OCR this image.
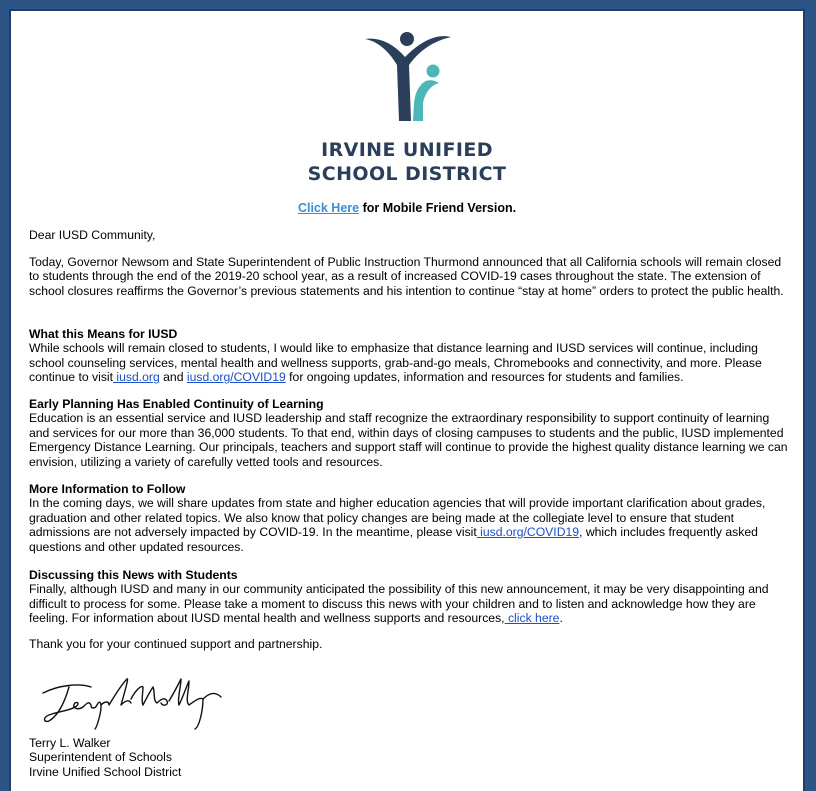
IRVINE UNIFIED
SCHOOL DISTRICT
Click Here for Mobile Friend Version.
Dear IUSD Community,
Today, Governor Newsom and State Superintendent of Public Instruction Thurmond announced that all California schools will remain closed to students through the end of the 2019-20 school year, as a result of increased COVID-19 cases throughout the state. The extension of school closures reaffirms the Governor’s previous statements and his intention to continue “stay at home” orders to protect the public health.
What this Means for IUSD
While schools will remain closed to students, I would like to emphasize that distance learning and IUSD services will continue, including school counseling services, mental health and wellness supports, grab-and-go meals, Chromebooks and connectivity, and more. Please continue to visit iusd.org and iusd.org/COVID19 for ongoing updates, information and resources for students and families.
Early Planning Has Enabled Continuity of Learning
Education is an essential service and IUSD leadership and staff recognize the extraordinary responsibility to support continuity of learning and services for our more than 36,000 students. To that end, within days of closing campuses to students and the public, IUSD implemented Emergency Distance Learning. Our principals, teachers and support staff will continue to provide the highest quality distance learning we can envision, utilizing a variety of carefully vetted tools and resources.
More Information to Follow
In the coming days, we will share updates from state and higher education agencies that will provide important clarification about grades, graduation and other related topics. We also know that policy changes are being made at the collegiate level to ensure that student admissions are not adversely impacted by COVID-19. In the meantime, please visit iusd.org/COVID19, which includes frequently asked questions and other updated resources.
Discussing this News with Students
Finally, although IUSD and many in our community anticipated the possibility of this new announcement, it may be very disappointing and difficult to process for some. Please take a moment to discuss this news with your children and to listen and acknowledge how they are feeling. For information about IUSD mental health and wellness supports and resources, click here.
Thank you for your continued support and partnership.
Terry L. Walker
Superintendent of Schools
Irvine Unified School District
